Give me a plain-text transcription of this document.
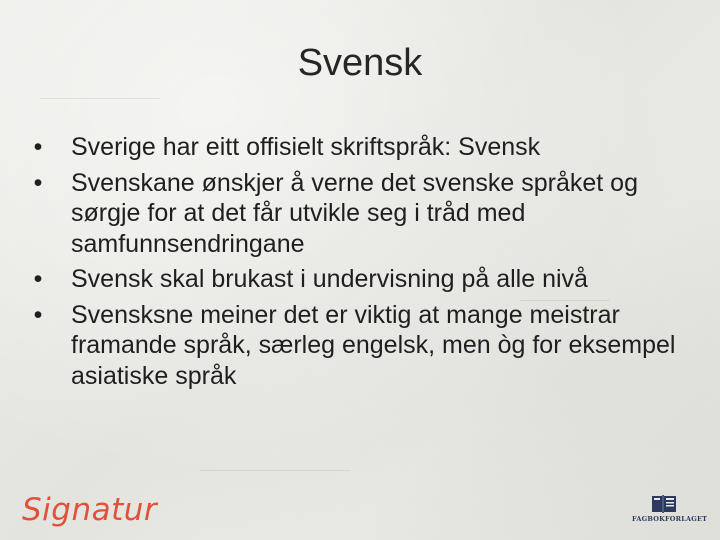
Svensk
• Sverige har eitt offisielt skriftspråk: Svensk
• Svenskane ønskjer å verne det svenske språket og sørgje for at det får utvikle seg i tråd med samfunnsendringane
• Svensk skal brukast i undervisning på alle nivå
• Svensksne meiner det er viktig at mange meistrar framande språk, særleg engelsk, men òg for eksempel asiatiske språk
Signatur	FAGBOKFORLAGET
